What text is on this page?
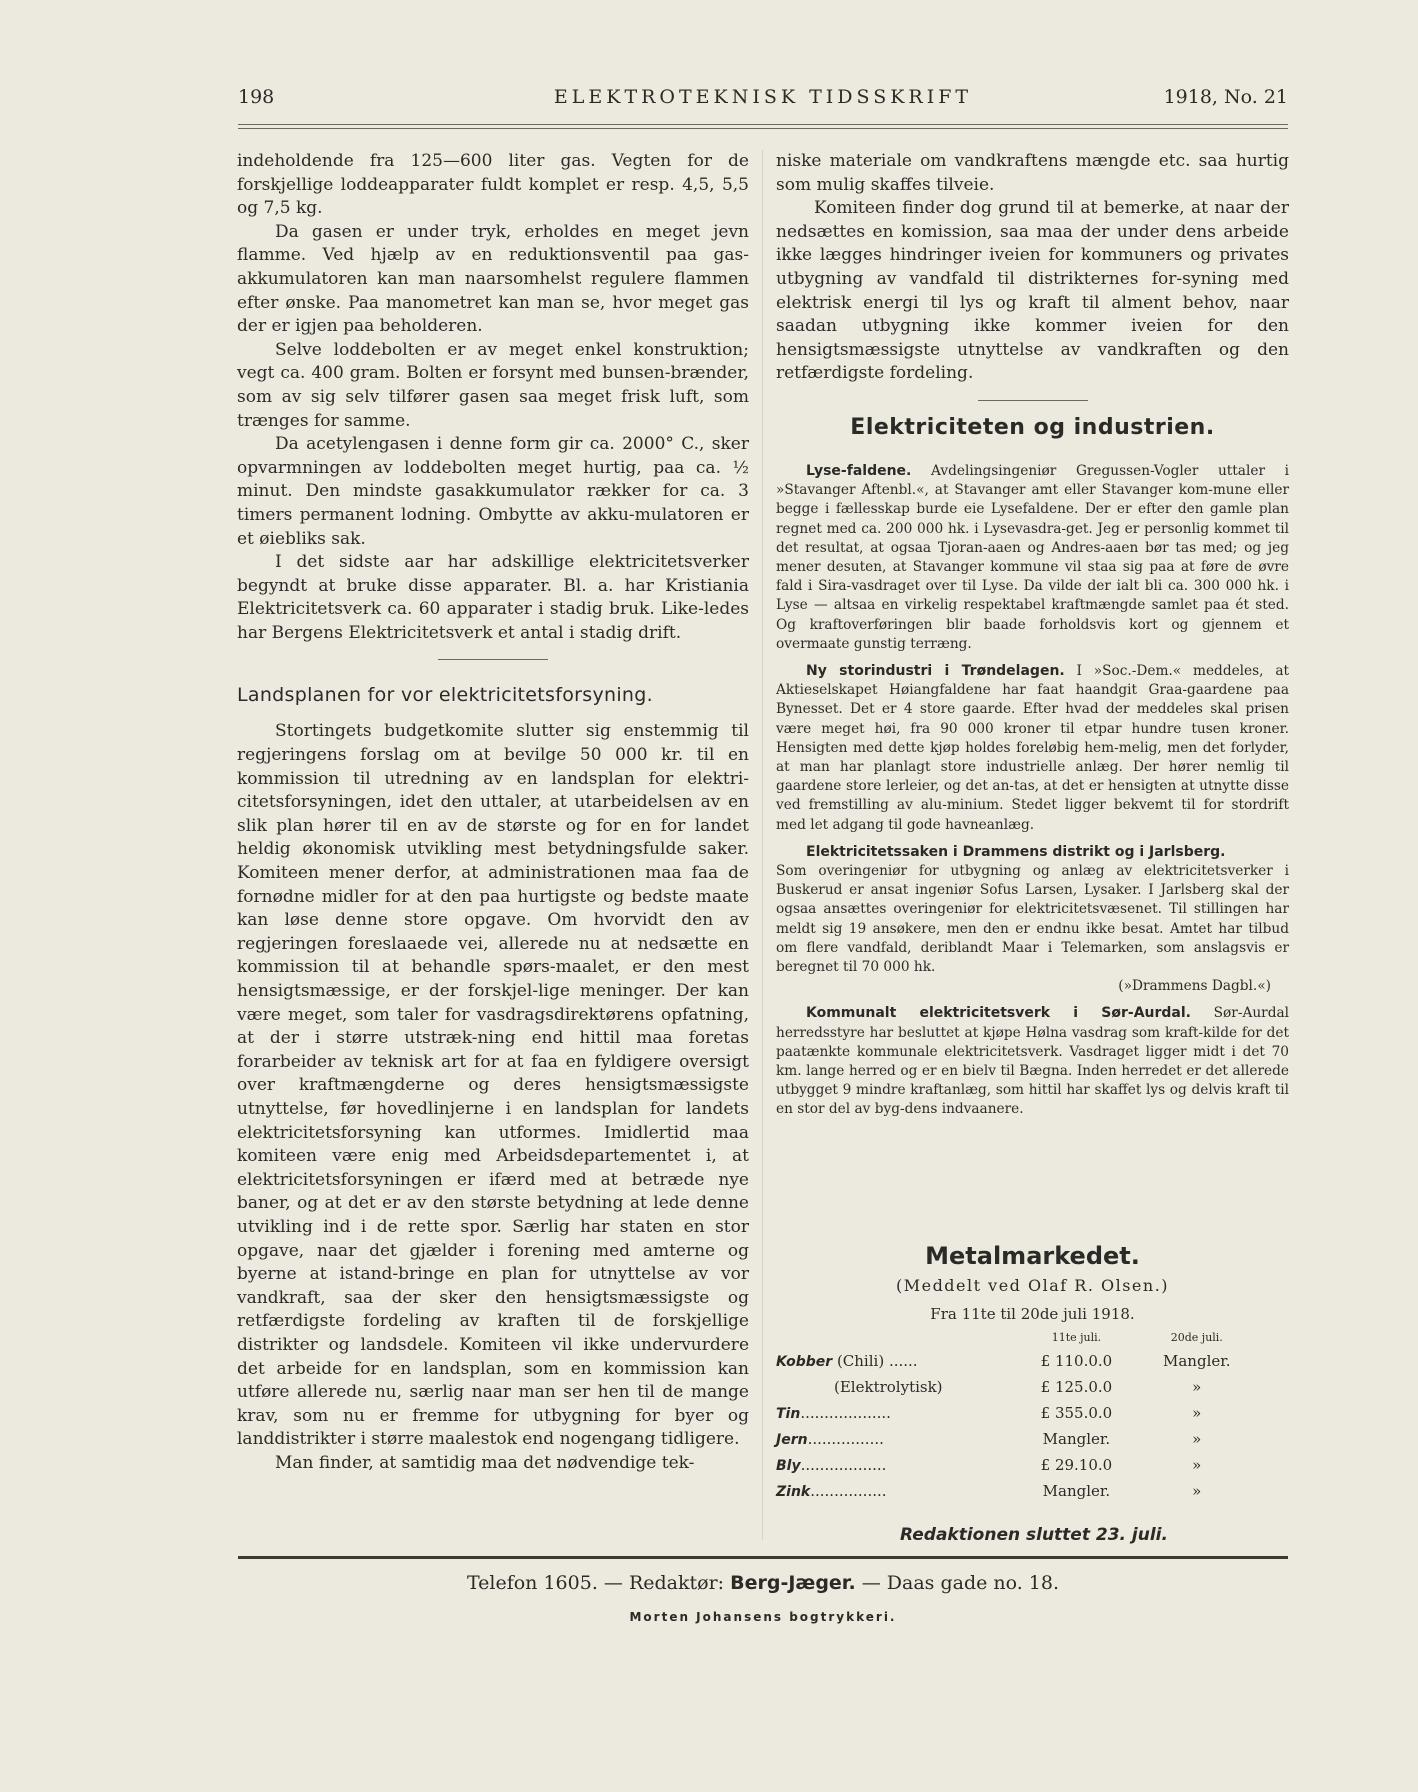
198	ELEKTROTEKNISK TIDSSKRIFT	1918, No. 21

indeholdende fra 125—600 liter gas. Vegten for de forskjellige loddeapparater fuldt komplet er resp. 4,5, 5,5 og 7,5 kg.

Da gasen er under tryk, erholdes en meget jevn flamme. Ved hjælp av en reduktionsventil paa gas-akkumulatoren kan man naarsomhelst regulere flammen efter ønske. Paa manometret kan man se, hvor meget gas der er igjen paa beholderen.

Selve loddebolten er av meget enkel konstruktion; vegt ca. 400 gram. Bolten er forsynt med bunsen-brænder, som av sig selv tilfører gasen saa meget frisk luft, som trænges for samme.

Da acetylengasen i denne form gir ca. 2000° C., sker opvarmningen av loddebolten meget hurtig, paa ca. ½ minut. Den mindste gasakkumulator rækker for ca. 3 timers permanent lodning. Ombytte av akku-mulatoren er et øiebliks sak.

I det sidste aar har adskillige elektricitetsverker begyndt at bruke disse apparater. Bl. a. har Kristiania Elektricitetsverk ca. 60 apparater i stadig bruk. Like-ledes har Bergens Elektricitetsverk et antal i stadig drift.

Landsplanen for vor elektricitetsforsyning.

Stortingets budgetkomite slutter sig enstemmig til regjeringens forslag om at bevilge 50 000 kr. til en kommission til utredning av en landsplan for elektri-citetsforsyningen, idet den uttaler, at utarbeidelsen av en slik plan hører til en av de største og for en for landet heldig økonomisk utvikling mest betydningsfulde saker. Komiteen mener derfor, at administrationen maa faa de fornødne midler for at den paa hurtigste og bedste maate kan løse denne store opgave. Om hvorvidt den av regjeringen foreslaaede vei, allerede nu at nedsætte en kommission til at behandle spørs-maalet, er den mest hensigtsmæssige, er der forskjel-lige meninger. Der kan være meget, som taler for vasdragsdirektørens opfatning, at der i større utstræk-ning end hittil maa foretas forarbeider av teknisk art for at faa en fyldigere oversigt over kraftmængderne og deres hensigtsmæssigste utnyttelse, før hovedlinjerne i en landsplan for landets elektricitetsforsyning kan utformes. Imidlertid maa komiteen være enig med Arbeidsdepartementet i, at elektricitetsforsyningen er ifærd med at betræde nye baner, og at det er av den største betydning at lede denne utvikling ind i de rette spor. Særlig har staten en stor opgave, naar det gjælder i forening med amterne og byerne at istand-bringe en plan for utnyttelse av vor vandkraft, saa der sker den hensigtsmæssigste og retfærdigste fordeling av kraften til de forskjellige distrikter og landsdele. Komiteen vil ikke undervurdere det arbeide for en landsplan, som en kommission kan utføre allerede nu, særlig naar man ser hen til de mange krav, som nu er fremme for utbygning for byer og landdistrikter i større maalestok end nogengang tidligere.

Man finder, at samtidig maa det nødvendige tek-

niske materiale om vandkraftens mængde etc. saa hurtig som mulig skaffes tilveie.

Komiteen finder dog grund til at bemerke, at naar der nedsættes en komission, saa maa der under dens arbeide ikke lægges hindringer iveien for kommuners og privates utbygning av vandfald til distrikternes for-syning med elektrisk energi til lys og kraft til alment behov, naar saadan utbygning ikke kommer iveien for den hensigtsmæssigste utnyttelse av vandkraften og den retfærdigste fordeling.

Elektriciteten og industrien.

Lyse-faldene. Avdelingsingeniør Gregussen-Vogler uttaler i »Stavanger Aftenbl.«, at Stavanger amt eller Stavanger kom-mune eller begge i fællesskap burde eie Lysefaldene. Der er efter den gamle plan regnet med ca. 200 000 hk. i Lysevasdra-get. Jeg er personlig kommet til det resultat, at ogsaa Tjoran-aaen og Andres-aaen bør tas med; og jeg mener desuten, at Stavanger kommune vil staa sig paa at føre de øvre fald i Sira-vasdraget over til Lyse. Da vilde der ialt bli ca. 300 000 hk. i Lyse — altsaa en virkelig respektabel kraftmængde samlet paa ét sted. Og kraftoverføringen blir baade forholdsvis kort og gjennem et overmaate gunstig terræng.

Ny storindustri i Trøndelagen. I »Soc.-Dem.« meddeles, at Aktieselskapet Høiangfaldene har faat haandgit Graa-gaardene paa Bynesset. Det er 4 store gaarde. Efter hvad der meddeles skal prisen være meget høi, fra 90 000 kroner til etpar hundre tusen kroner. Hensigten med dette kjøp holdes foreløbig hem-melig, men det forlyder, at man har planlagt store industrielle anlæg. Der hører nemlig til gaardene store lerleier, og det an-tas, at det er hensigten at utnytte disse ved fremstilling av alu-minium. Stedet ligger bekvemt til for stordrift med let adgang til gode havneanlæg.

Elektricitetssaken i Drammens distrikt og i Jarlsberg.
Som overingeniør for utbygning og anlæg av elektricitetsverker i Buskerud er ansat ingeniør Sofus Larsen, Lysaker. I Jarlsberg skal der ogsaa ansættes overingeniør for elektricitetsvæsenet. Til stillingen har meldt sig 19 ansøkere, men den er endnu ikke besat. Amtet har tilbud om flere vandfald, deriblandt Maar i Telemarken, som anslagsvis er beregnet til 70 000 hk.
(»Drammens Dagbl.«)

Kommunalt elektricitetsverk i Sør-Aurdal. Sør-Aurdal herredsstyre har besluttet at kjøpe Hølna vasdrag som kraft-kilde for det paatænkte kommunale elektricitetsverk. Vasdraget ligger midt i det 70 km. lange herred og er en bielv til Bægna. Inden herredet er det allerede utbygget 9 mindre kraftanlæg, som hittil har skaffet lys og delvis kraft til en stor del av byg-dens indvaanere.

Metalmarkedet.
(Meddelt ved Olaf R. Olsen.)
Fra 11te til 20de juli 1918.
	11te juli.	20de juli.
Kobber (Chili) ......	£ 110.0.0	Mangler.
(Elektrolytisk)	£ 125.0.0	»
Tin...................	£ 355.0.0	»
Jern................	Mangler.	»
Bly..................	£ 29.10.0	»
Zink................	Mangler.	»
Redaktionen sluttet 23. juli.
Telefon 1605. — Redaktør: Berg-Jæger. — Daas gade no. 18.
Morten Johansens bogtrykkeri.
